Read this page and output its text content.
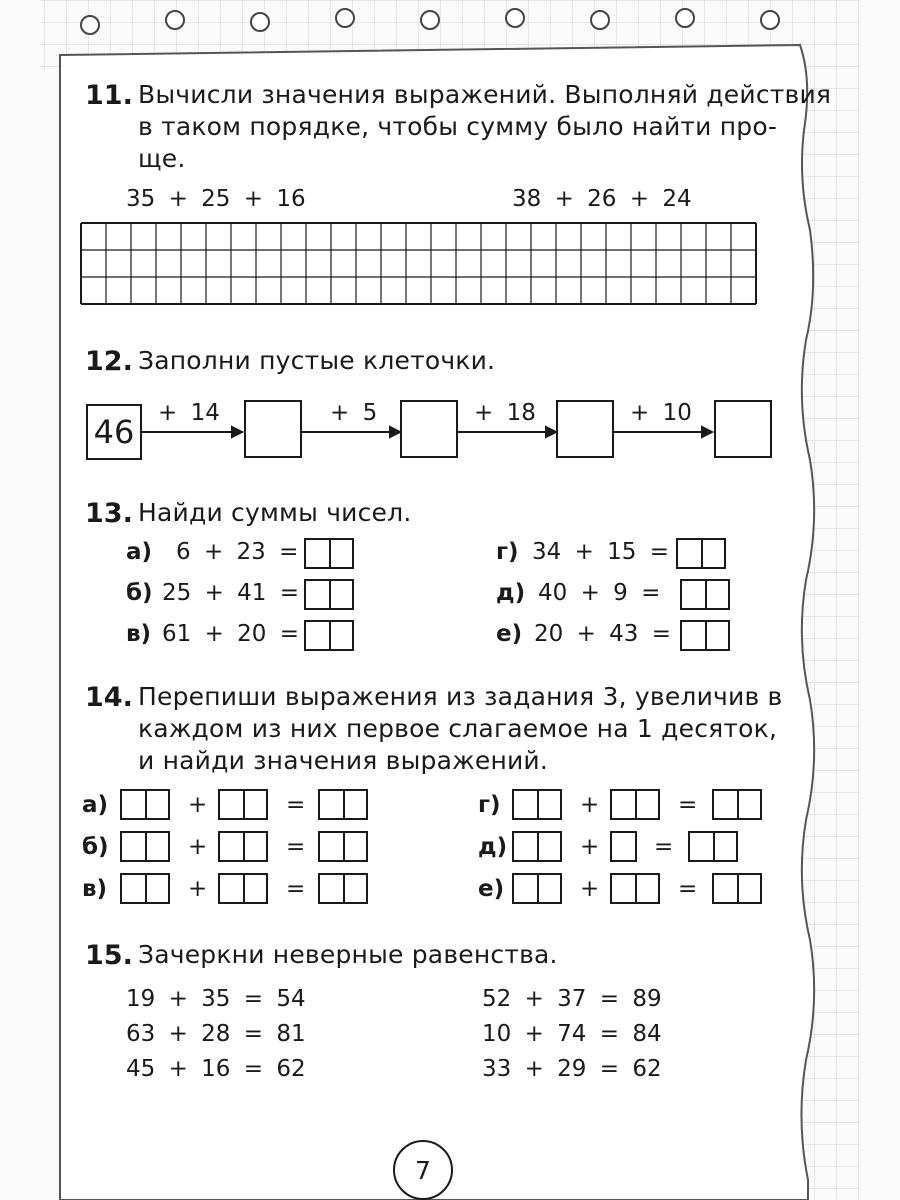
11. Вычисли значения выражений. Выполняй действия
в таком порядке, чтобы сумму было найти про-
ще.
35 + 25 + 16	38 + 26 + 24
12. Заполни пустые клеточки.
46	+ 14	+ 5	+ 18	+ 10
13. Найди суммы чисел.
а) 6 + 23 =
б) 25 + 41 =
в) 61 + 20 =
г) 34 + 15 =
д) 40 + 9 =
е) 20 + 43 =
14. Перепиши выражения из задания 3, увеличив в
каждом из них первое слагаемое на 1 десяток,
и найди значения выражений.
а)	+	=
б)	+	=
в)	+	=
г)	+	=
д)	+ =
е)	+	=
15. Зачеркни неверные равенства.
19 + 35 = 54
63 + 28 = 81
45 + 16 = 62
52 + 37 = 89
10 + 74 = 84
33 + 29 = 62
7
